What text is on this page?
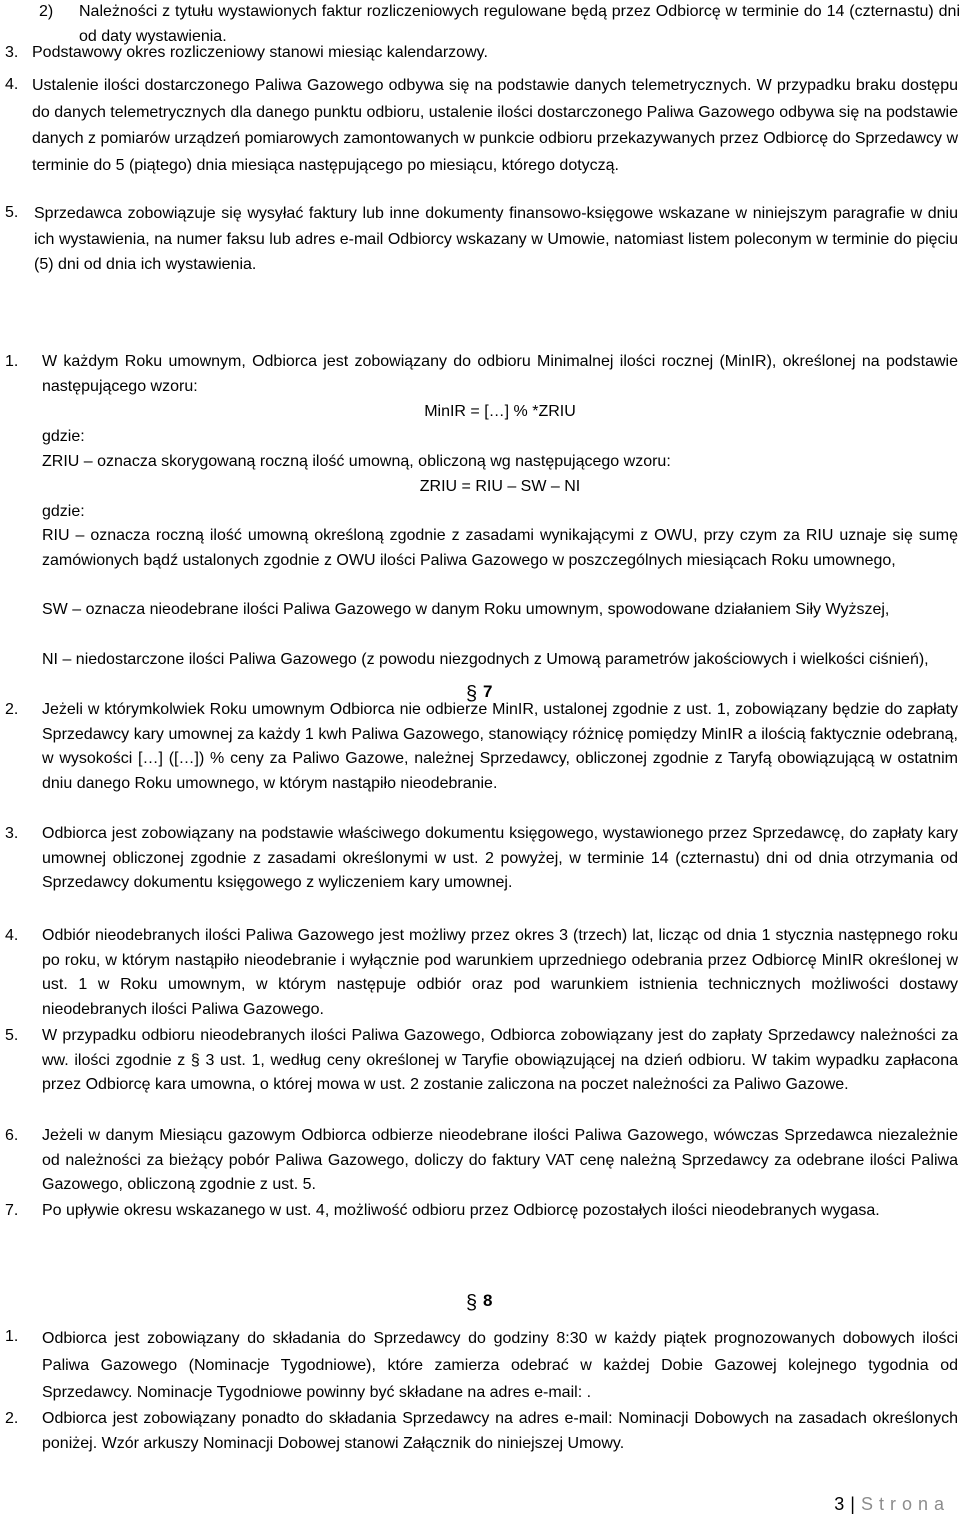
2)	Należności z tytułu wystawionych faktur rozliczeniowych regulowane będą przez Odbiorcę w terminie do 14 (czternastu) dni od daty wystawienia.
3. Podstawowy okres rozliczeniowy stanowi miesiąc kalendarzowy.
4. Ustalenie ilości dostarczonego Paliwa Gazowego odbywa się na podstawie danych telemetrycznych. W przypadku braku dostępu do danych telemetrycznych dla danego punktu odbioru, ustalenie ilości dostarczonego Paliwa Gazowego odbywa się na podstawie danych z pomiarów urządzeń pomiarowych zamontowanych w punkcie odbioru przekazywanych przez Odbiorcę do Sprzedawcy w terminie do 5 (piątego) dnia miesiąca następującego po miesiącu, którego dotyczą.
5. Sprzedawca zobowiązuje się wysyłać faktury lub inne dokumenty finansowo-księgowe wskazane w niniejszym paragrafie w dniu ich wystawienia, na numer faksu lub adres e-mail Odbiorcy wskazany w Umowie, natomiast listem poleconym w terminie do pięciu (5) dni od dnia ich wystawienia.
§ 7
1.	W każdym Roku umownym, Odbiorca jest zobowiązany do odbioru Minimalnej ilości rocznej (MinIR), określonej na podstawie następującego wzoru:
MinIR = […] % *ZRIU
gdzie:
ZRIU – oznacza skorygowaną roczną ilość umowną, obliczoną wg następującego wzoru:
ZRIU = RIU – SW – NI
gdzie:
RIU – oznacza roczną ilość umowną określoną zgodnie z zasadami wynikającymi z OWU, przy czym za RIU uznaje się sumę zamówionych bądź ustalonych zgodnie z OWU ilości Paliwa Gazowego w poszczególnych miesiącach Roku umownego,
SW – oznacza nieodebrane ilości Paliwa Gazowego w danym Roku umownym, spowodowane działaniem Siły Wyższej,
NI – niedostarczone ilości Paliwa Gazowego (z powodu niezgodnych z Umową parametrów jakościowych i wielkości ciśnień),
2.	Jeżeli w którymkolwiek Roku umownym Odbiorca nie odbierze MinIR, ustalonej zgodnie z ust. 1, zobowiązany będzie do zapłaty Sprzedawcy kary umownej za każdy 1 kwh Paliwa Gazowego, stanowiący różnicę pomiędzy MinIR a ilością faktycznie odebraną, w wysokości […] ([…]) % ceny za Paliwo Gazowe, należnej Sprzedawcy, obliczonej zgodnie z Taryfą obowiązującą w ostatnim dniu danego Roku umownego, w którym nastąpiło nieodebranie.
3.	Odbiorca jest zobowiązany na podstawie właściwego dokumentu księgowego, wystawionego przez Sprzedawcę, do zapłaty kary umownej obliczonej zgodnie z zasadami określonymi w ust. 2 powyżej, w terminie 14 (czternastu) dni od dnia otrzymania od Sprzedawcy dokumentu księgowego z wyliczeniem kary umownej.
4.	Odbiór nieodebranych ilości Paliwa Gazowego jest możliwy przez okres 3 (trzech) lat, licząc od dnia 1 stycznia następnego roku po roku, w którym nastąpiło nieodebranie i wyłącznie pod warunkiem uprzedniego odebrania przez Odbiorcę MinIR określonej w ust. 1 w Roku umownym, w którym następuje odbiór oraz pod warunkiem istnienia technicznych możliwości dostawy nieodebranych ilości Paliwa Gazowego.
5.	W przypadku odbioru nieodebranych ilości Paliwa Gazowego, Odbiorca zobowiązany jest do zapłaty Sprzedawcy należności za ww. ilości zgodnie z § 3 ust. 1, według ceny określonej w Taryfie obowiązującej na dzień odbioru. W takim wypadku zapłacona przez Odbiorcę kara umowna, o której mowa w ust. 2 zostanie zaliczona na poczet należności za Paliwo Gazowe.
6.	Jeżeli w danym Miesiącu gazowym Odbiorca odbierze nieodebrane ilości Paliwa Gazowego, wówczas Sprzedawca niezależnie od należności za bieżący pobór Paliwa Gazowego, doliczy do faktury VAT cenę należną Sprzedawcy za odebrane ilości Paliwa Gazowego, obliczoną zgodnie z ust. 5.
7.	Po upływie okresu wskazanego w ust. 4, możliwość odbioru przez Odbiorcę pozostałych ilości nieodebranych wygasa.
§ 8
1.	Odbiorca jest zobowiązany do składania do Sprzedawcy do godziny 8:30 w każdy piątek prognozowanych dobowych ilości Paliwa Gazowego (Nominacje Tygodniowe), które zamierza odebrać w każdej Dobie Gazowej kolejnego tygodnia od Sprzedawcy. Nominacje Tygodniowe powinny być składane na adres e-mail: .
2.	Odbiorca jest zobowiązany ponadto do składania Sprzedawcy na adres e-mail: Nominacji Dobowych na zasadach określonych poniżej. Wzór arkuszy Nominacji Dobowej stanowi Załącznik do niniejszej Umowy.
3 | Strona
